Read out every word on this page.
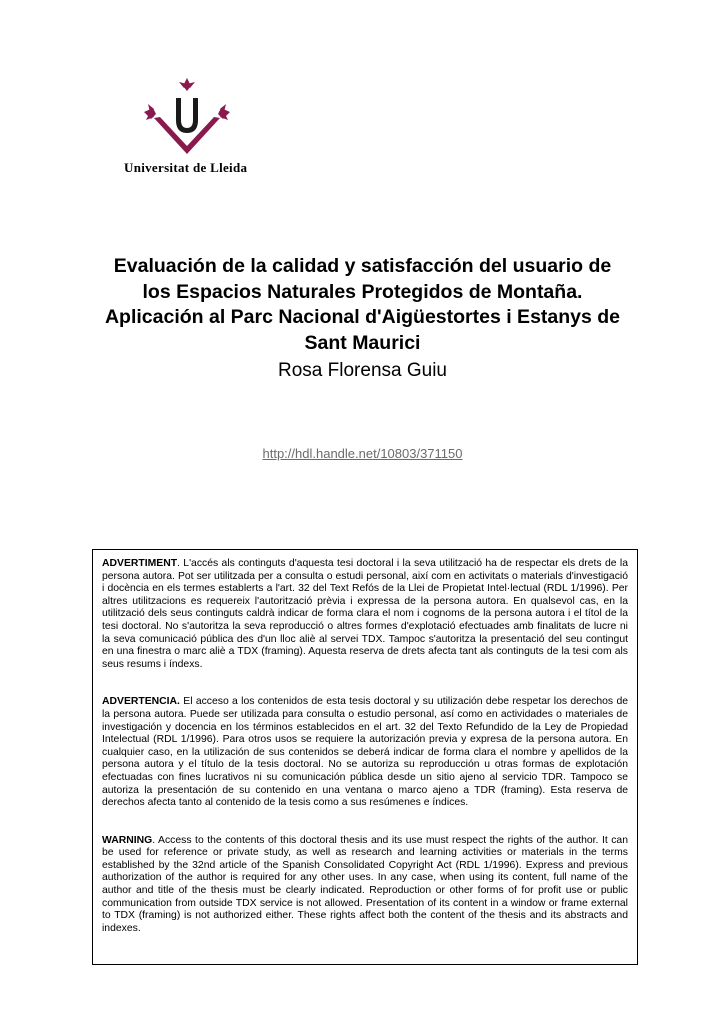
Universitat de Lleida
Evaluación de la calidad y satisfacción del usuario de los Espacios Naturales Protegidos de Montaña. Aplicación al Parc Nacional d'Aigüestortes i Estanys de Sant Maurici
Rosa Florensa Guiu
http://hdl.handle.net/10803/371150

ADVERTIMENT. L'accés als continguts d'aquesta tesi doctoral i la seva utilització ha de respectar els drets de la persona autora. Pot ser utilitzada per a consulta o estudi personal, així com en activitats o materials d'investigació i docència en els termes establerts a l'art. 32 del Text Refós de la Llei de Propietat Intel·lectual (RDL 1/1996). Per altres utilitzacions es requereix l'autorització prèvia i expressa de la persona autora. En qualsevol cas, en la utilització dels seus continguts caldrà indicar de forma clara el nom i cognoms de la persona autora i el títol de la tesi doctoral. No s'autoritza la seva reproducció o altres formes d'explotació efectuades amb finalitats de lucre ni la seva comunicació pública des d'un lloc aliè al servei TDX. Tampoc s'autoritza la presentació del seu contingut en una finestra o marc aliè a TDX (framing). Aquesta reserva de drets afecta tant als continguts de la tesi com als seus resums i índexs.

ADVERTENCIA. El acceso a los contenidos de esta tesis doctoral y su utilización debe respetar los derechos de la persona autora. Puede ser utilizada para consulta o estudio personal, así como en actividades o materiales de investigación y docencia en los términos establecidos en el art. 32 del Texto Refundido de la Ley de Propiedad Intelectual (RDL 1/1996). Para otros usos se requiere la autorización previa y expresa de la persona autora. En cualquier caso, en la utilización de sus contenidos se deberá indicar de forma clara el nombre y apellidos de la persona autora y el título de la tesis doctoral. No se autoriza su reproducción u otras formas de explotación efectuadas con fines lucrativos ni su comunicación pública desde un sitio ajeno al servicio TDR. Tampoco se autoriza la presentación de su contenido en una ventana o marco ajeno a TDR (framing). Esta reserva de derechos afecta tanto al contenido de la tesis como a sus resúmenes e índices.

WARNING. Access to the contents of this doctoral thesis and its use must respect the rights of the author. It can be used for reference or private study, as well as research and learning activities or materials in the terms established by the 32nd article of the Spanish Consolidated Copyright Act (RDL 1/1996). Express and previous authorization of the author is required for any other uses. In any case, when using its content, full name of the author and title of the thesis must be clearly indicated. Reproduction or other forms of for profit use or public communication from outside TDX service is not allowed. Presentation of its content in a window or frame external to TDX (framing) is not authorized either. These rights affect both the content of the thesis and its abstracts and indexes.
